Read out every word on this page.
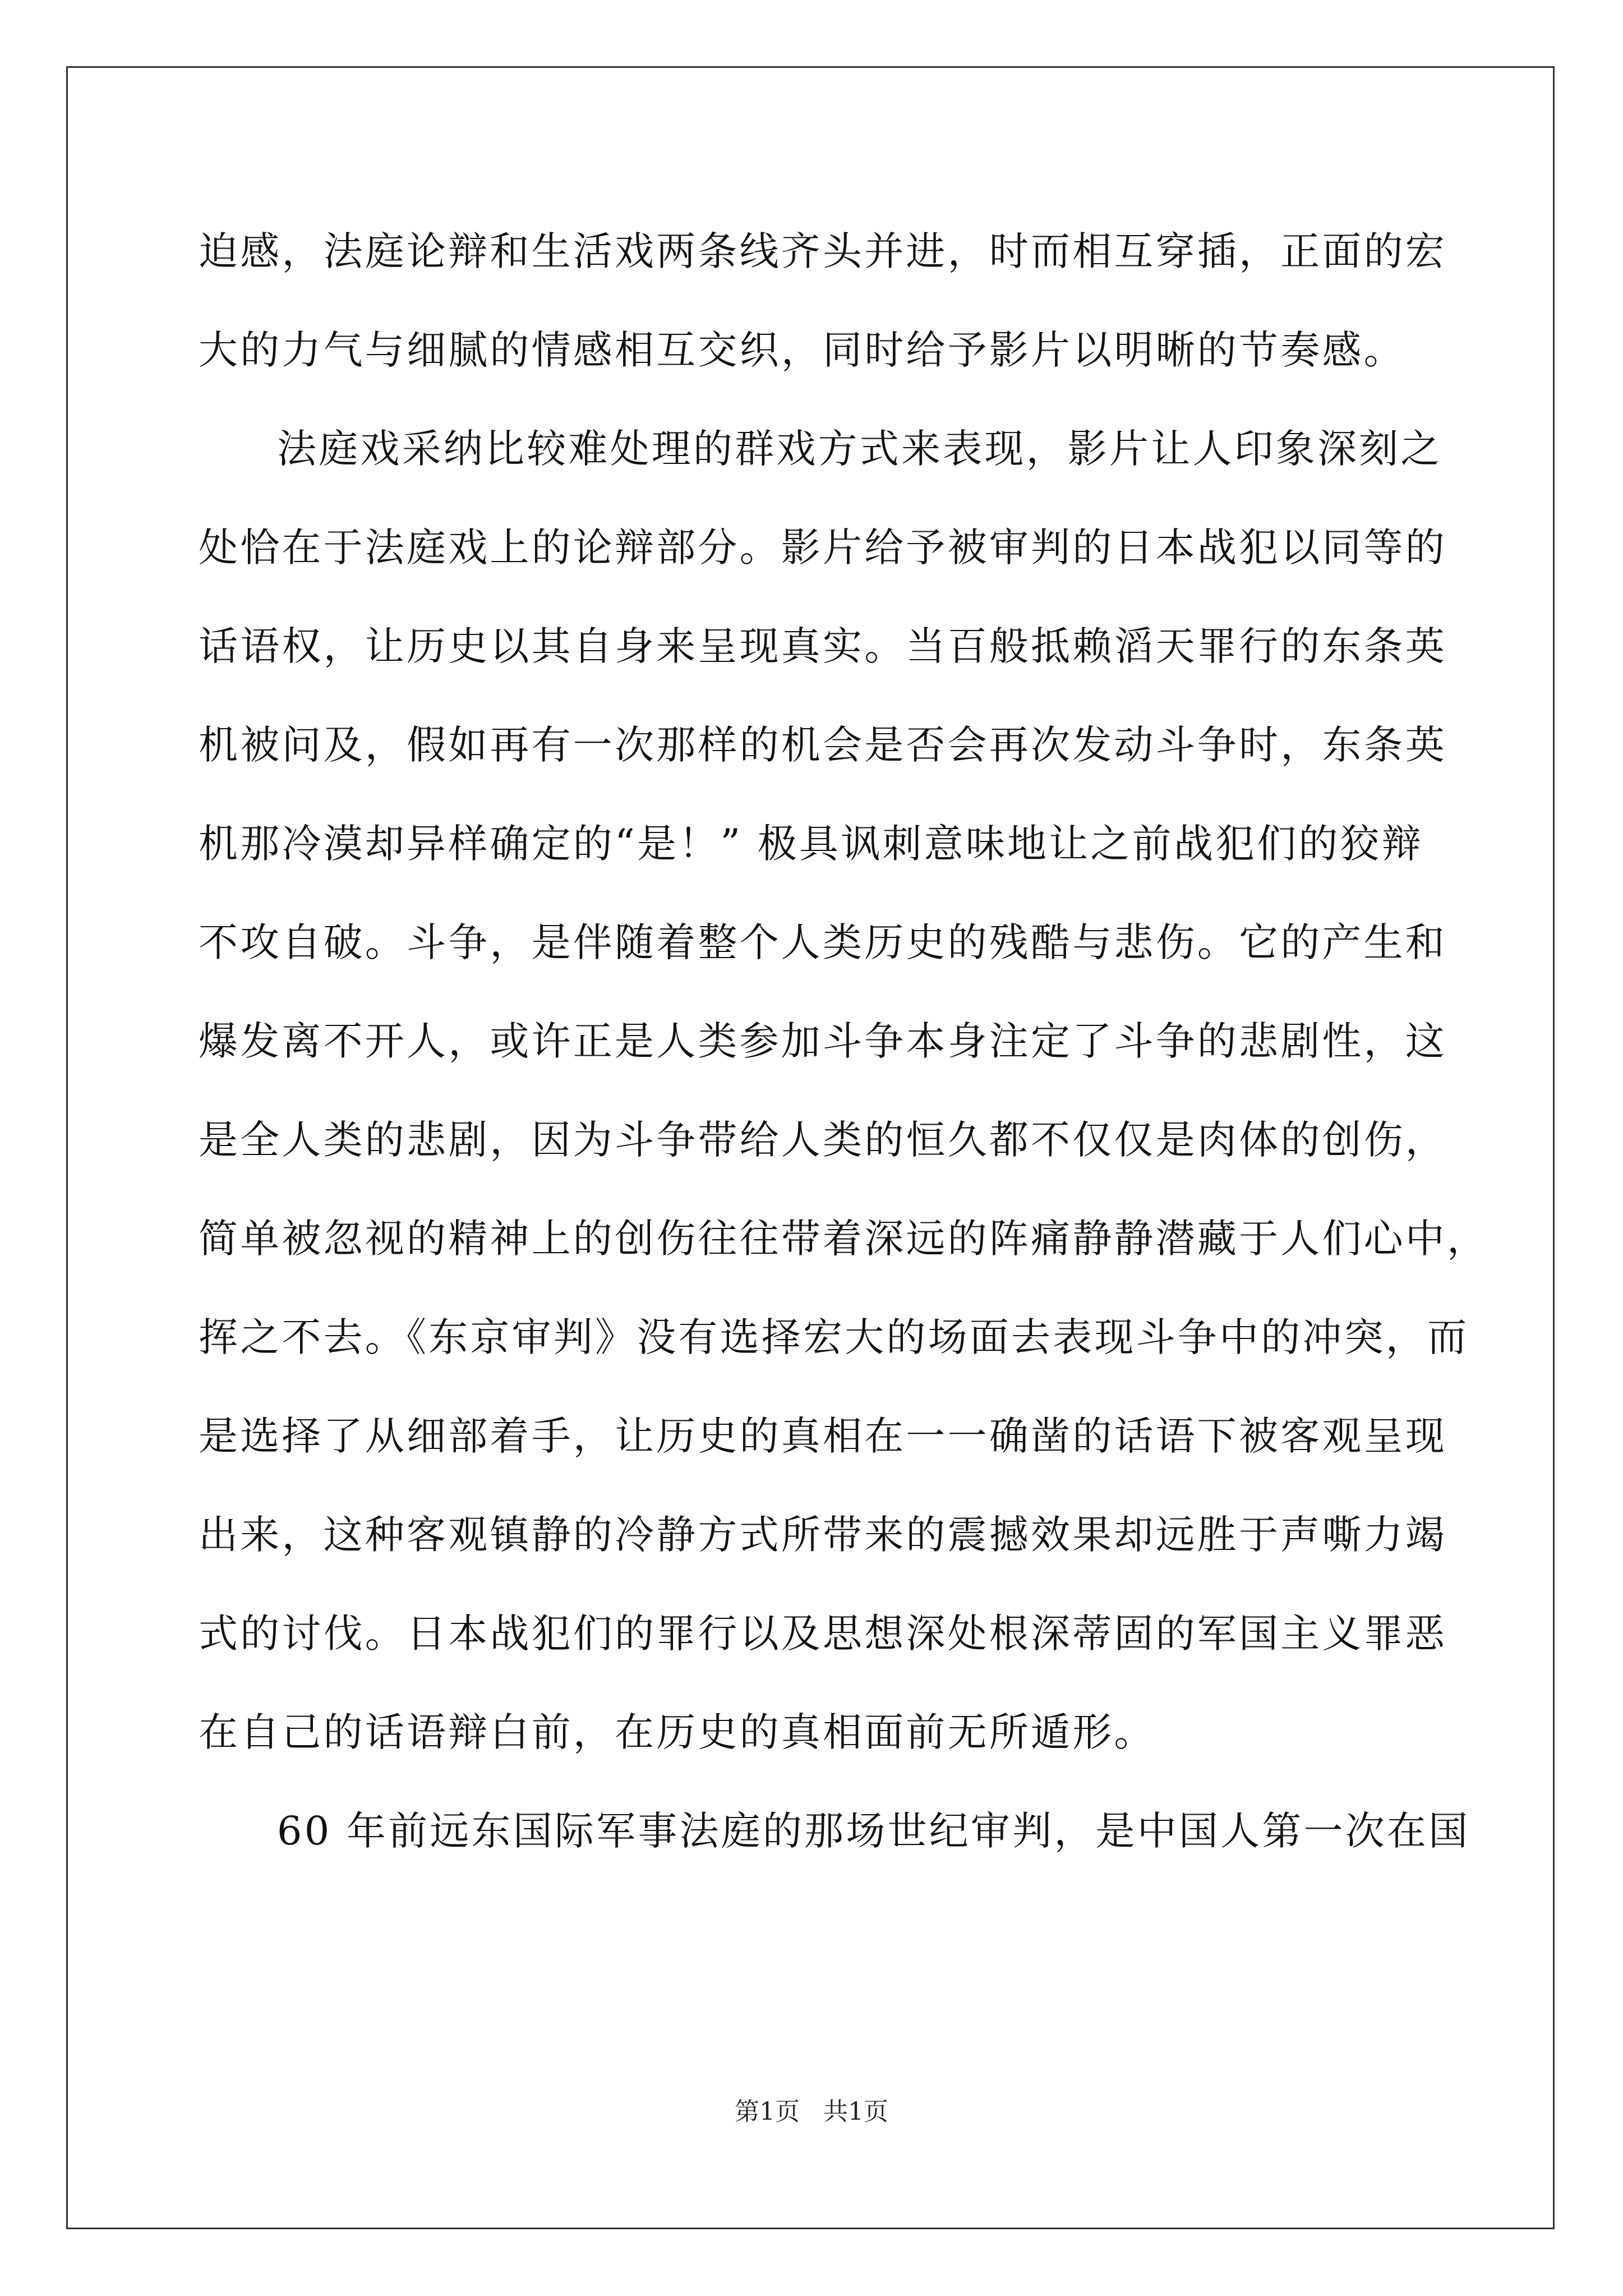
迫感，法庭论辩和生活戏两条线齐头并进，时而相互穿插，正面的宏
大的力气与细腻的情感相互交织，同时给予影片以明晰的节奏感。
法庭戏采纳比较难处理的群戏方式来表现，影片让人印象深刻之
处恰在于法庭戏上的论辩部分。影片给予被审判的日本战犯以同等的
话语权，让历史以其自身来呈现真实。当百般抵赖滔天罪行的东条英
机被问及，假如再有一次那样的机会是否会再次发动斗争时，东条英
机那冷漠却异样确定的“是！” 极具讽刺意味地让之前战犯们的狡辩
不攻自破。斗争，是伴随着整个人类历史的残酷与悲伤。它的产生和
爆发离不开人，或许正是人类参加斗争本身注定了斗争的悲剧性，这
是全人类的悲剧，因为斗争带给人类的恒久都不仅仅是肉体的创伤，
简单被忽视的精神上的创伤往往带着深远的阵痛静静潜藏于人们心中，
挥之不去。《东京审判》没有选择宏大的场面去表现斗争中的冲突，而
是选择了从细部着手，让历史的真相在一一确凿的话语下被客观呈现
出来，这种客观镇静的冷静方式所带来的震撼效果却远胜于声嘶力竭
式的讨伐。日本战犯们的罪行以及思想深处根深蒂固的军国主义罪恶
在自己的话语辩白前，在历史的真相面前无所遁形。
60 年前远东国际军事法庭的那场世纪审判，是中国人第一次在国
第1页 共1页
